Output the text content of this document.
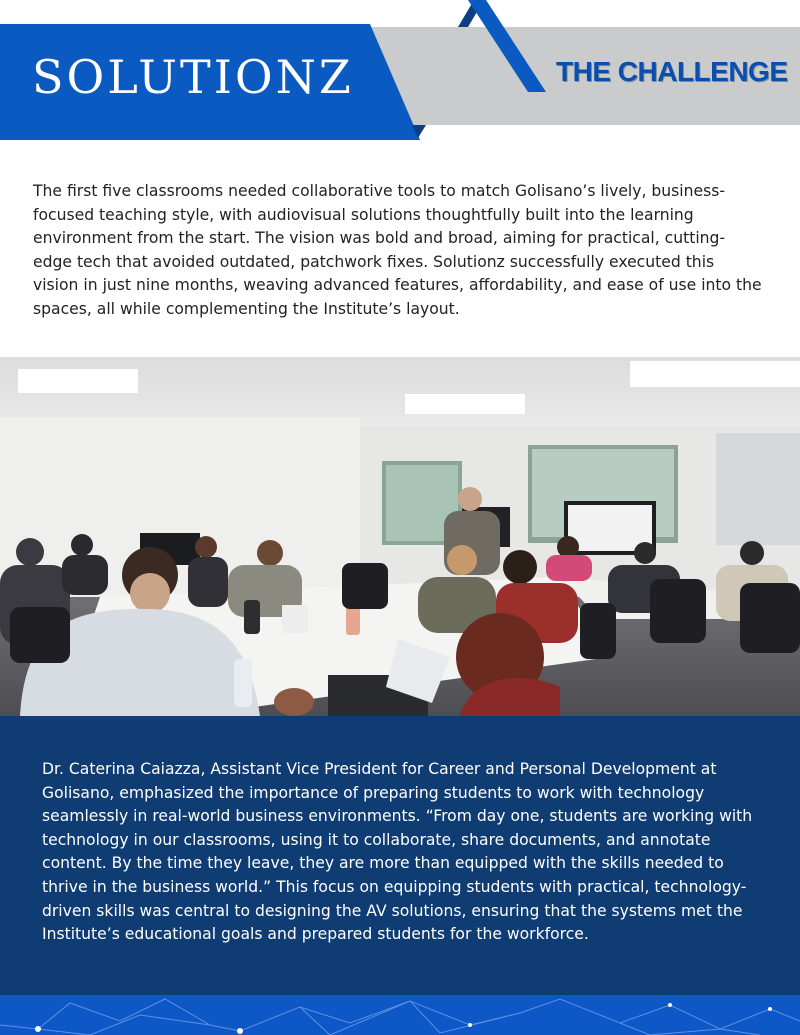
SOLUTIONZ	THE CHALLENGE

The first five classrooms needed collaborative tools to match Golisano’s lively, business-focused teaching style, with audiovisual solutions thoughtfully built into the learning environment from the start. The vision was bold and broad, aiming for practical, cutting-edge tech that avoided outdated, patchwork fixes. Solutionz successfully executed this vision in just nine months, weaving advanced features, affordability, and ease of use into the spaces, all while complementing the Institute’s layout.

Dr. Caterina Caiazza, Assistant Vice President for Career and Personal Development at Golisano, emphasized the importance of preparing students to work with technology seamlessly in real-world business environments. “From day one, students are working with technology in our classrooms, using it to collaborate, share documents, and annotate content. By the time they leave, they are more than equipped with the skills needed to thrive in the business world.” This focus on equipping students with practical, technology-driven skills was central to designing the AV solutions, ensuring that the systems met the Institute’s educational goals and prepared students for the workforce.
